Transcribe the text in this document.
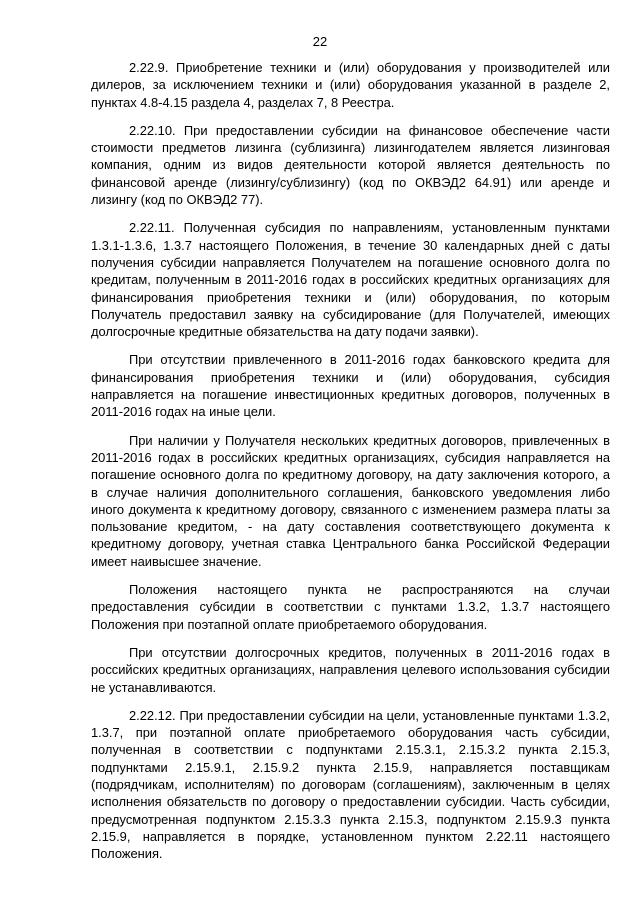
22

2.22.9. Приобретение техники и (или) оборудования у производителей или дилеров, за исключением техники и (или) оборудования указанной в разделе 2, пунктах 4.8-4.15 раздела 4, разделах 7, 8 Реестра.

2.22.10. При предоставлении субсидии на финансовое обеспечение части стоимости предметов лизинга (сублизинга) лизингодателем является лизинговая компания, одним из видов деятельности которой является деятельность по финансовой аренде (лизингу/сублизингу) (код по ОКВЭД2 64.91) или аренде и лизингу (код по ОКВЭД2 77).

2.22.11. Полученная субсидия по направлениям, установленным пунктами 1.3.1-1.3.6, 1.3.7 настоящего Положения, в течение 30 календарных дней с даты получения субсидии направляется Получателем на погашение основного долга по кредитам, полученным в 2011-2016 годах в российских кредитных организациях для финансирования приобретения техники и (или) оборудования, по которым Получатель предоставил заявку на субсидирование (для Получателей, имеющих долгосрочные кредитные обязательства на дату подачи заявки).

При отсутствии привлеченного в 2011-2016 годах банковского кредита для финансирования приобретения техники и (или) оборудования, субсидия направляется на погашение инвестиционных кредитных договоров, полученных в 2011-2016 годах на иные цели.

При наличии у Получателя нескольких кредитных договоров, привлеченных в 2011-2016 годах в российских кредитных организациях, субсидия направляется на погашение основного долга по кредитному договору, на дату заключения которого, а в случае наличия дополнительного соглашения, банковского уведомления либо иного документа к кредитному договору, связанного с изменением размера платы за пользование кредитом, - на дату составления соответствующего документа к кредитному договору, учетная ставка Центрального банка Российской Федерации имеет наивысшее значение.

Положения настоящего пункта не распространяются на случаи предоставления субсидии в соответствии с пунктами 1.3.2, 1.3.7 настоящего Положения при поэтапной оплате приобретаемого оборудования.

При отсутствии долгосрочных кредитов, полученных в 2011-2016 годах в российских кредитных организациях, направления целевого использования субсидии не устанавливаются.

2.22.12. При предоставлении субсидии на цели, установленные пунктами 1.3.2, 1.3.7, при поэтапной оплате приобретаемого оборудования часть субсидии, полученная в соответствии с подпунктами 2.15.3.1, 2.15.3.2 пункта 2.15.3, подпунктами 2.15.9.1, 2.15.9.2 пункта 2.15.9, направляется поставщикам (подрядчикам, исполнителям) по договорам (соглашениям), заключенным в целях исполнения обязательств по договору о предоставлении субсидии. Часть субсидии, предусмотренная подпунктом 2.15.3.3 пункта 2.15.3, подпунктом 2.15.9.3 пункта 2.15.9, направляется в порядке, установленном пунктом 2.22.11 настоящего Положения.
